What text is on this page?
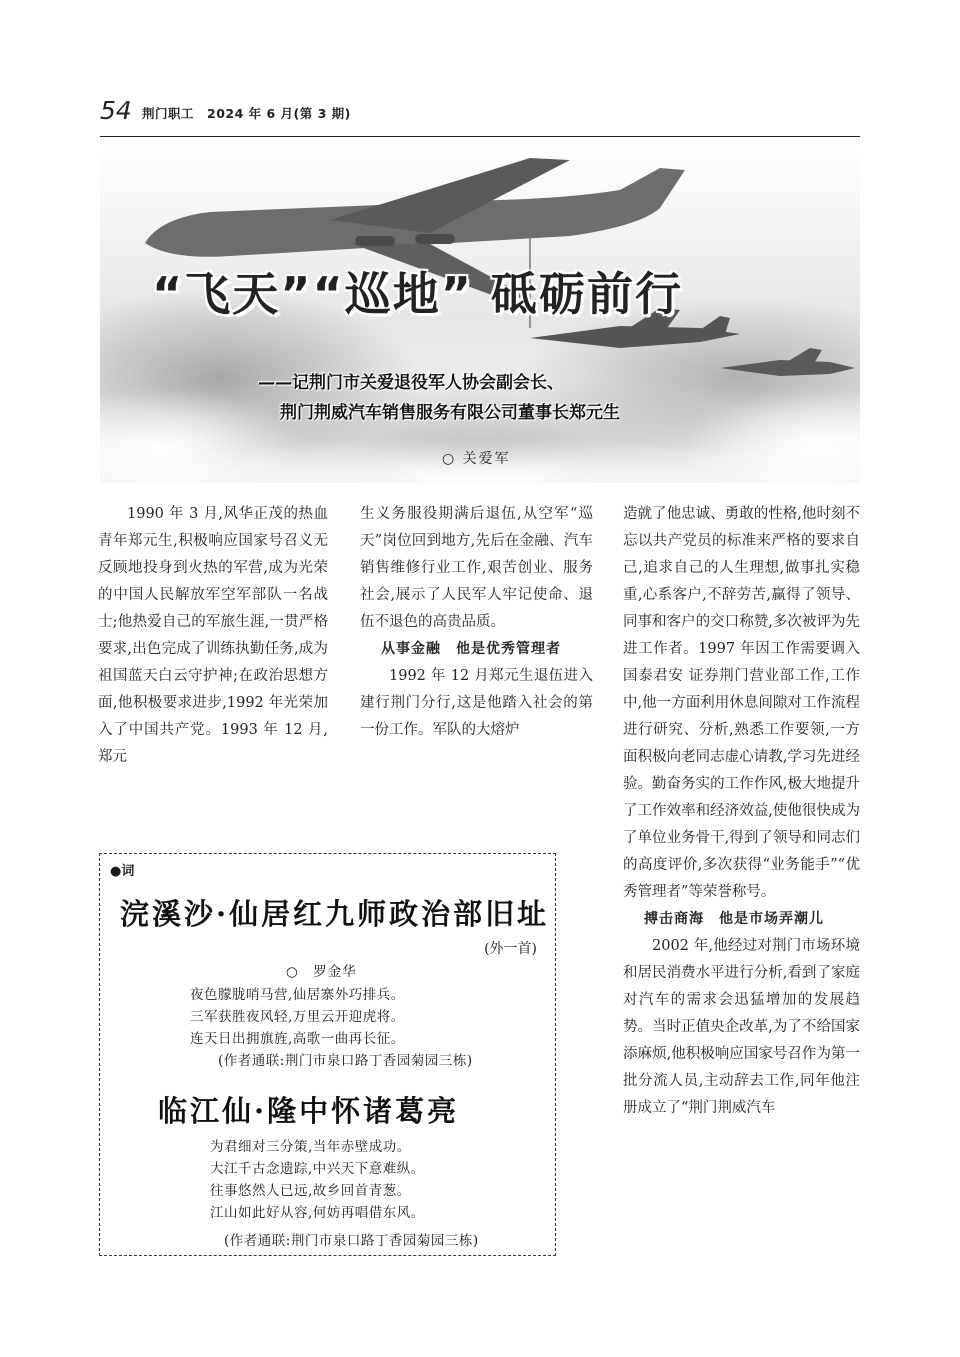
54 荆门职工　2024 年 6 月(第 3 期)
“飞天”“巡地” 砥砺前行
——记荆门市关爱退役军人协会副会长、
荆门荆威汽车销售服务有限公司董事长郑元生
○ 关爱军

1990 年 3 月,风华正茂的热血青年郑元生,积极响应国家号召义无反顾地投身到火热的军营,成为光荣的中国人民解放军空军部队一名战士;他热爱自己的军旅生涯,一贯严格要求,出色完成了训练执勤任务,成为祖国蓝天白云守护神;在政治思想方面,他积极要求进步,1992 年光荣加入了中国共产党。1993 年 12 月,郑元

生义务服役期满后退伍,从空军“巡天”岗位回到地方,先后在金融、汽车销售维修行业工作,艰苦创业、服务社会,展示了人民军人牢记使命、退伍不退色的高贵品质。

从事金融　他是优秀管理者

1992 年 12 月郑元生退伍进入建行荆门分行,这是他踏入社会的第一份工作。军队的大熔炉

造就了他忠诚、勇敢的性格,他时刻不忘以共产党员的标准来严格的要求自己,追求自己的人生理想,做事扎实稳重,心系客户,不辞劳苦,赢得了领导、同事和客户的交口称赞,多次被评为先进工作者。1997 年因工作需要调入国泰君安 证券荆门营业部工作,工作中,他一方面利用休息间隙对工作流程进行研究、分析,熟悉工作要领,一方面积极向老同志虚心请教,学习先进经验。勤奋务实的工作作风,极大地提升了工作效率和经济效益,使他很快成为了单位业务骨干,得到了领导和同志们的高度评价,多次获得“业务能手”“优秀管理者”等荣誉称号。

搏击商海　他是市场弄潮儿

2002 年,他经过对荆门市场环境和居民消费水平进行分析,看到了家庭对汽车的需求会迅猛增加的发展趋势。当时正值央企改革,为了不给国家添麻烦,他积极响应国家号召作为第一批分流人员,主动辞去工作,同年他注册成立了“荆门荆威汽车

●词
浣溪沙·仙居红九师政治部旧址
(外一首)
○　罗金华
夜色朦胧哨马营,仙居寨外巧排兵。
三军获胜夜风轻,万里云开迎虎将。
连天日出拥旗旌,高歌一曲再长征。
(作者通联:荆门市泉口路丁香园菊园三栋)
临江仙·隆中怀诸葛亮
为君细对三分策,当年赤壁成功。
大江千古念遗踪,中兴天下意难纵。
往事悠然人已远,故乡回首青葱。
江山如此好从容,何妨再唱借东风。
(作者通联:荆门市泉口路丁香园菊园三栋)
